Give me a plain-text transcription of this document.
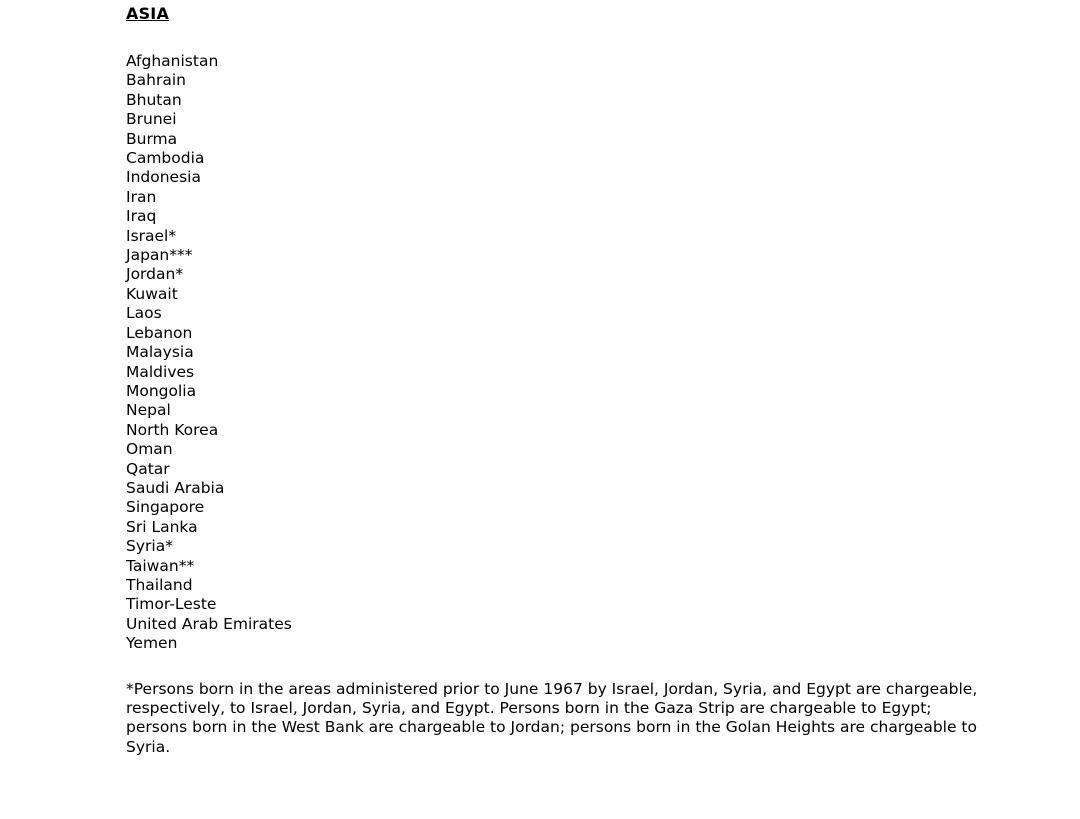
ASIA
Afghanistan
Bahrain
Bhutan
Brunei
Burma
Cambodia
Indonesia
Iran
Iraq
Israel*
Japan***
Jordan*
Kuwait
Laos
Lebanon
Malaysia
Maldives
Mongolia
Nepal
North Korea
Oman
Qatar
Saudi Arabia
Singapore
Sri Lanka
Syria*
Taiwan**
Thailand
Timor-Leste
United Arab Emirates
Yemen

*Persons born in the areas administered prior to June 1967 by Israel, Jordan, Syria, and Egypt are chargeable, respectively, to Israel, Jordan, Syria, and Egypt. Persons born in the Gaza Strip are chargeable to Egypt; persons born in the West Bank are chargeable to Jordan; persons born in the Golan Heights are chargeable to Syria.
